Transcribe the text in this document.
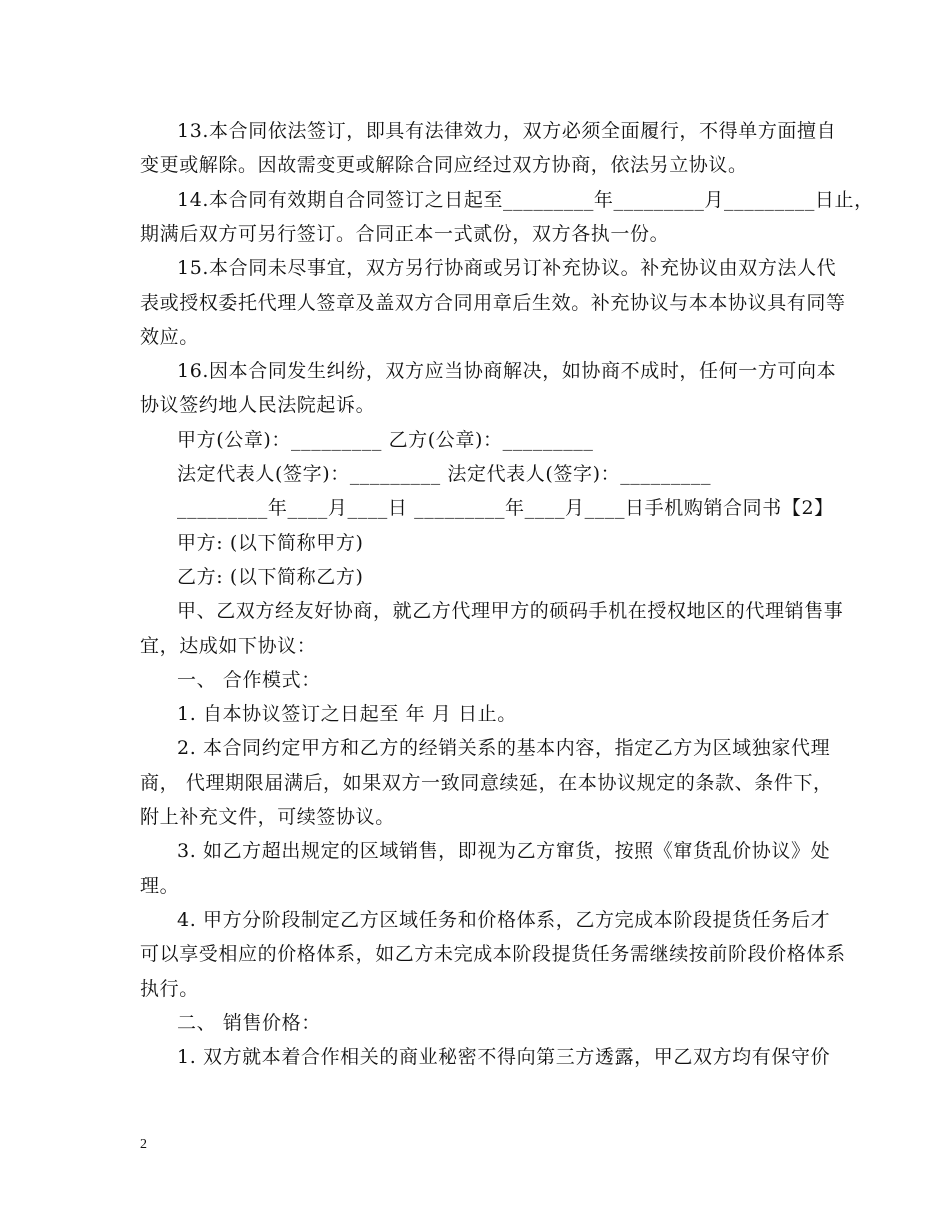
13.本合同依法签订，即具有法律效力，双方必须全面履行，不得单方面擅自
变更或解除。因故需变更或解除合同应经过双方协商，依法另立协议。
14.本合同有效期自合同签订之日起至_________年_________月_________日止，
期满后双方可另行签订。合同正本一式贰份，双方各执一份。
15.本合同未尽事宜，双方另行协商或另订补充协议。补充协议由双方法人代
表或授权委托代理人签章及盖双方合同用章后生效。补充协议与本本协议具有同等
效应。
16.因本合同发生纠纷，双方应当协商解决，如协商不成时，任何一方可向本
协议签约地人民法院起诉。
甲方(公章)：_________ 乙方(公章)：_________
法定代表人(签字)：_________ 法定代表人(签字)：_________
_________年____月____日 _________年____月____日手机购销合同书【2】
甲方: (以下简称甲方)
乙方: (以下简称乙方)
甲、乙双方经友好协商，就乙方代理甲方的硕码手机在授权地区的代理销售事
宜，达成如下协议：
一、 合作模式：
1. 自本协议签订之日起至 年 月 日止。
2. 本合同约定甲方和乙方的经销关系的基本内容，指定乙方为区域独家代理
商， 代理期限届满后，如果双方一致同意续延，在本协议规定的条款、条件下，
附上补充文件，可续签协议。
3. 如乙方超出规定的区域销售，即视为乙方窜货，按照《窜货乱价协议》处
理。
4. 甲方分阶段制定乙方区域任务和价格体系，乙方完成本阶段提货任务后才
可以享受相应的价格体系，如乙方未完成本阶段提货任务需继续按前阶段价格体系
执行。
二、 销售价格：
1. 双方就本着合作相关的商业秘密不得向第三方透露，甲乙双方均有保守价
2
